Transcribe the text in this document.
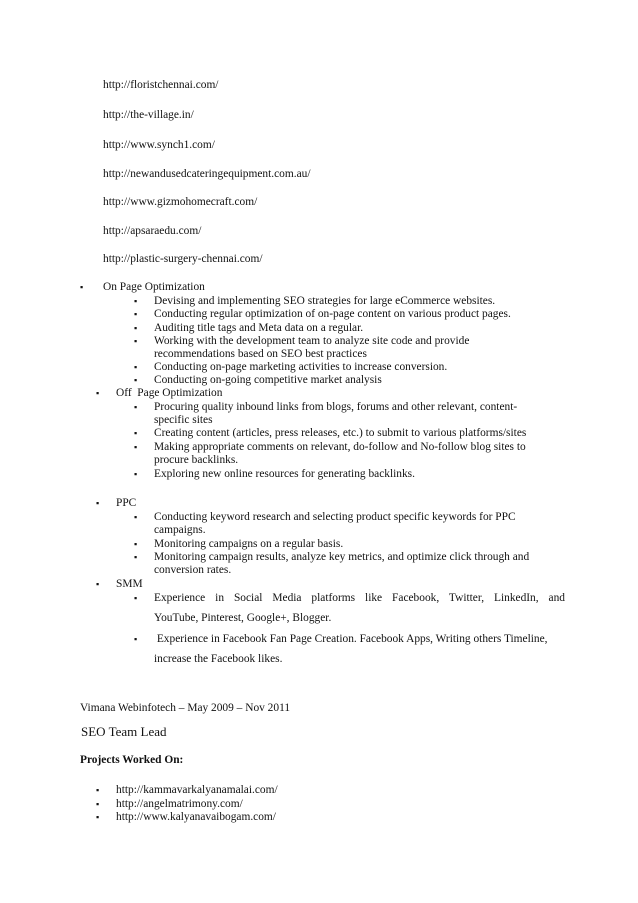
http://floristchennai.com/
http://the-village.in/
http://www.synch1.com/
http://newandusedcateringequipment.com.au/
http://www.gizmohomecraft.com/
http://apsaraedu.com/
http://plastic-surgery-chennai.com/
▪ On Page Optimization
▪ Devising and implementing SEO strategies for large eCommerce websites.
▪ Conducting regular optimization of on-page content on various product pages.
▪ Auditing title tags and Meta data on a regular.
▪ Working with the development team to analyze site code and provide
recommendations based on SEO best practices
▪ Conducting on-page marketing activities to increase conversion.
▪ Conducting on-going competitive market analysis
▪ Off  Page Optimization
▪ Procuring quality inbound links from blogs, forums and other relevant, content-
specific sites
▪ Creating content (articles, press releases, etc.) to submit to various platforms/sites
▪ Making appropriate comments on relevant, do-follow and No-follow blog sites to
procure backlinks.
▪ Exploring new online resources for generating backlinks.
▪ PPC
▪ Conducting keyword research and selecting product specific keywords for PPC
campaigns.
▪ Monitoring campaigns on a regular basis.
▪ Monitoring campaign results, analyze key metrics, and optimize click through and
conversion rates.
▪ SMM
▪ Experience in Social Media platforms like Facebook, Twitter, LinkedIn, and
YouTube, Pinterest, Google+, Blogger.
▪ Experience in Facebook Fan Page Creation. Facebook Apps, Writing others Timeline,
increase the Facebook likes.
Vimana Webinfotech – May 2009 – Nov 2011
SEO Team Lead
Projects Worked On:
▪ http://kammavarkalyanamalai.com/
▪ http://angelmatrimony.com/
▪ http://www.kalyanavaibogam.com/
